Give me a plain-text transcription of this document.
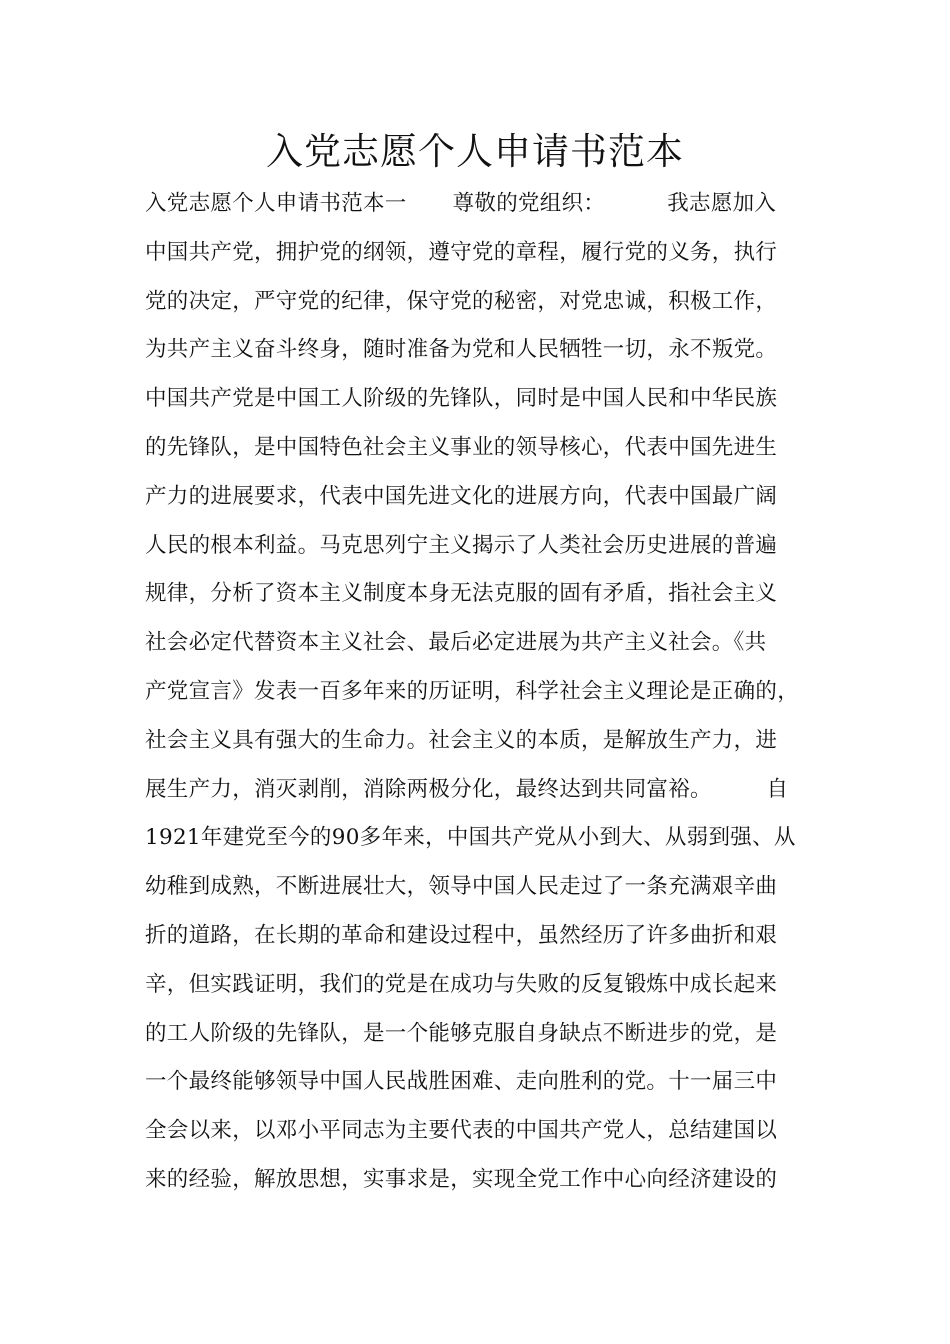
入党志愿个人申请书范本
入党志愿个人申请书范本一 尊敬的党组织：	我志愿加入
中国共产党，拥护党的纲领，遵守党的章程，履行党的义务，执行
党的决定，严守党的纪律，保守党的秘密，对党忠诚，积极工作，
为共产主义奋斗终身，随时准备为党和人民牺牲一切，永不叛党。
中国共产党是中国工人阶级的先锋队，同时是中国人民和中华民族
的先锋队，是中国特色社会主义事业的领导核心，代表中国先进生
产力的进展要求，代表中国先进文化的进展方向，代表中国最广阔
人民的根本利益。马克思列宁主义揭示了人类社会历史进展的普遍
规律，分析了资本主义制度本身无法克服的固有矛盾，指社会主义
社会必定代替资本主义社会、最后必定进展为共产主义社会。《共
产党宣言》发表一百多年来的历证明，科学社会主义理论是正确的，
社会主义具有强大的生命力。社会主义的本质，是解放生产力，进
展生产力，消灭剥削，消除两极分化，最终达到共同富裕。　　　自
1921年建党至今的90多年来，中国共产党从小到大、从弱到强、从
幼稚到成熟，不断进展壮大，领导中国人民走过了一条充满艰辛曲
折的道路，在长期的革命和建设过程中，虽然经历了许多曲折和艰
辛，但实践证明，我们的党是在成功与失败的反复锻炼中成长起来
的工人阶级的先锋队，是一个能够克服自身缺点不断进步的党，是
一个最终能够领导中国人民战胜困难、走向胜利的党。十一届三中
全会以来，以邓小平同志为主要代表的中国共产党人，总结建国以
来的经验，解放思想，实事求是，实现全党工作中心向经济建设的
